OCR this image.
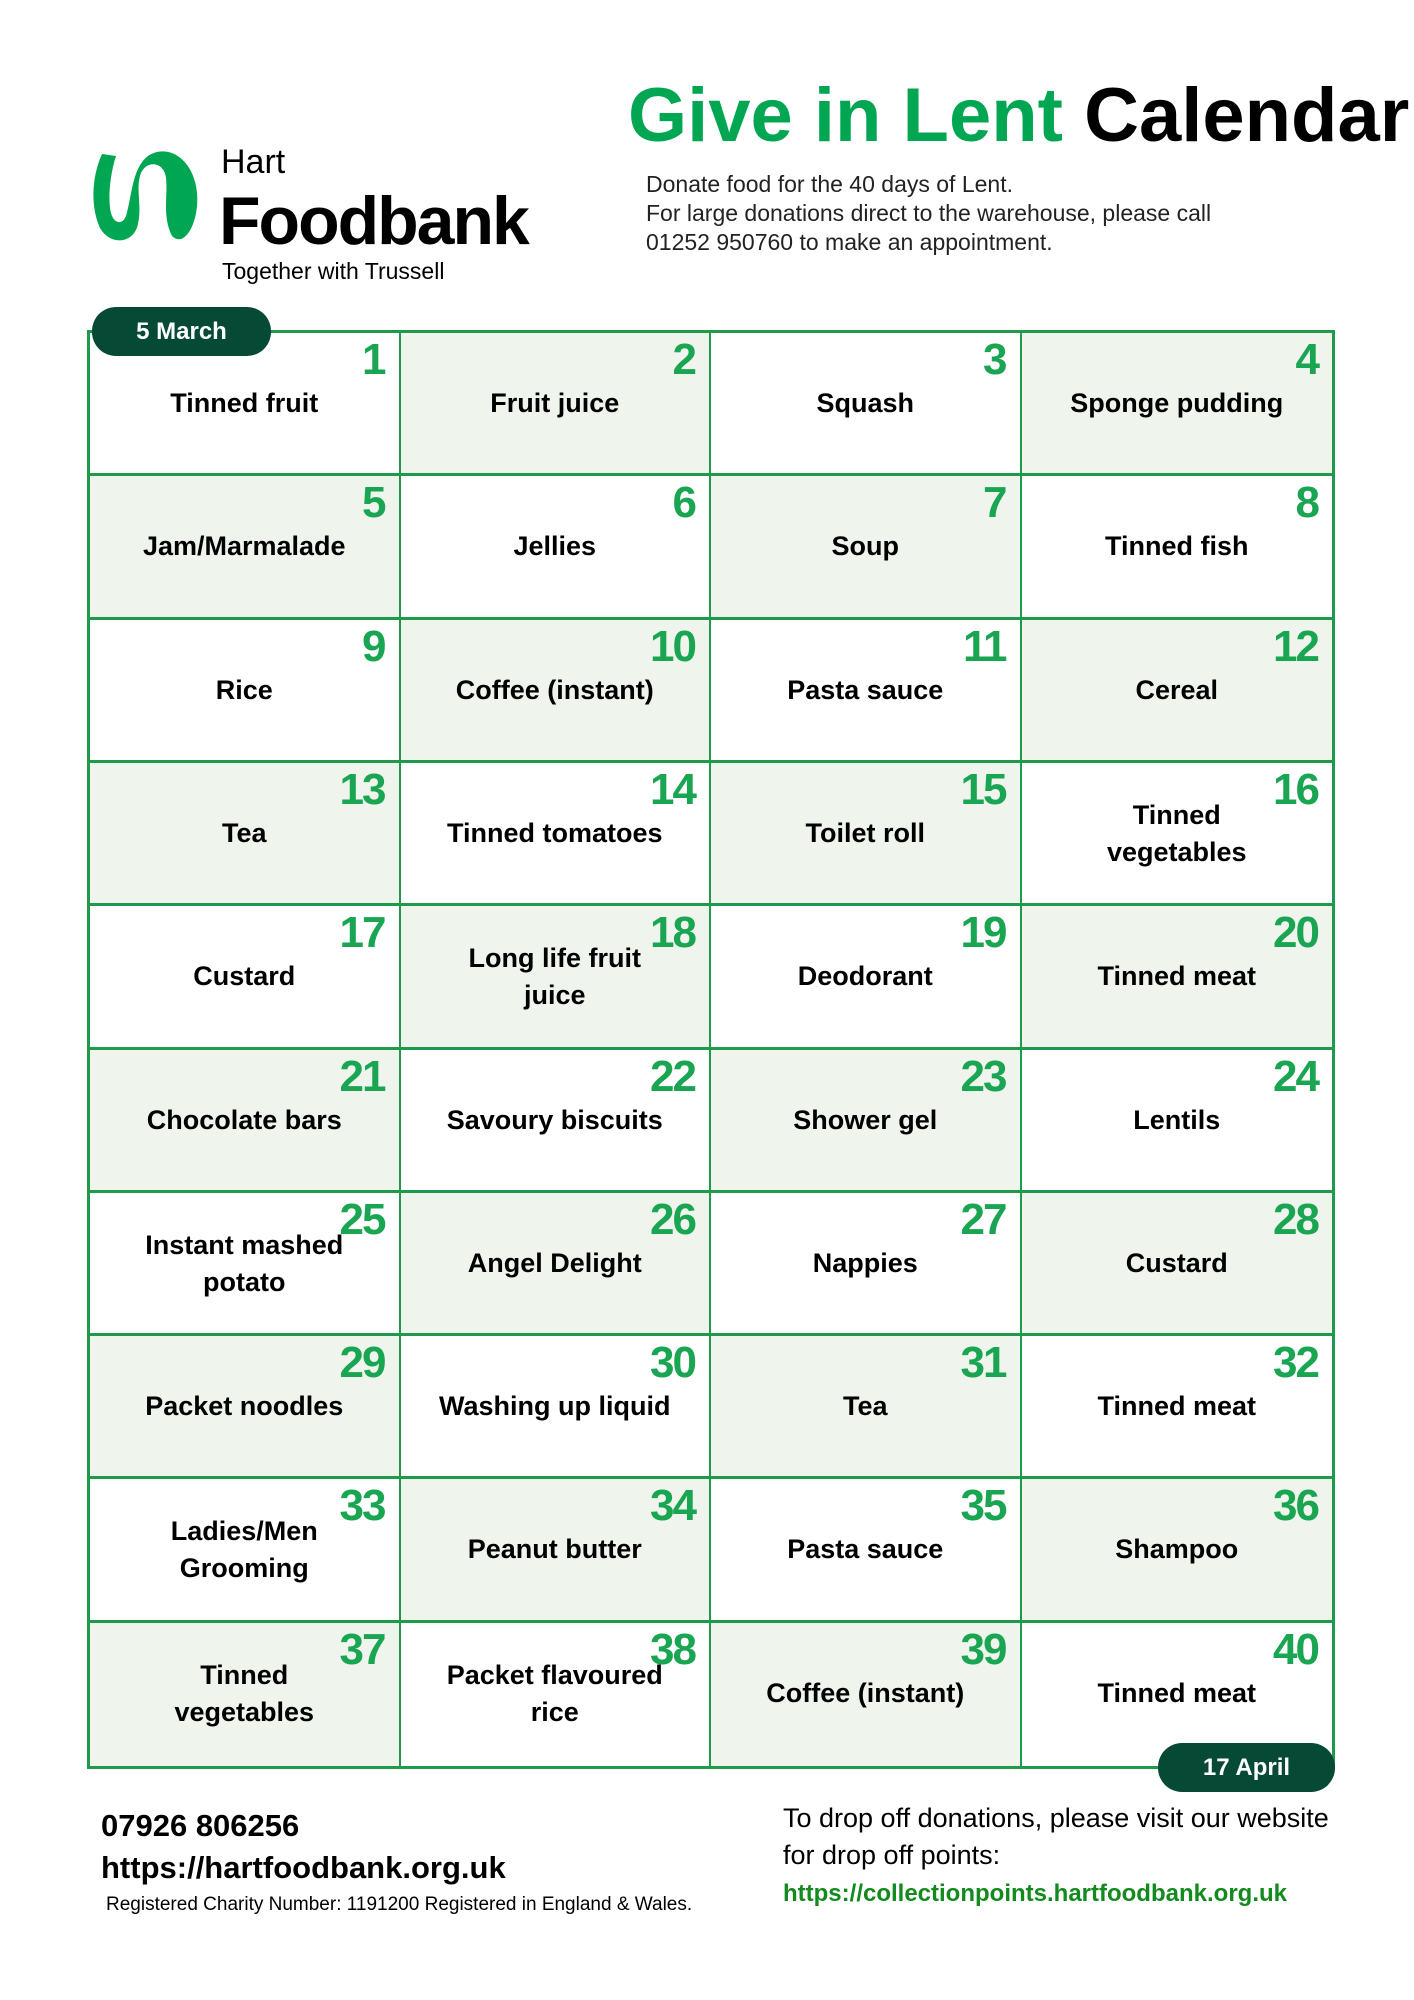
Give in Lent Calendar
Hart
Foodbank
Together with Trussell
Donate food for the 40 days of Lent.
For large donations direct to the warehouse, please call
01252 950760 to make an appointment.
1
Tinned fruit
2
Fruit juice
3
Squash
4
Sponge pudding
5
Jam/Marmalade
6
Jellies
7
Soup
8
Tinned fish
9
Rice
10
Coffee (instant)
11
Pasta sauce
12
Cereal
13
Tea
14
Tinned tomatoes
15
Toilet roll
16
Tinned
vegetables
17
Custard
18
Long life fruit
juice
19
Deodorant
20
Tinned meat
21
Chocolate bars
22
Savoury biscuits
23
Shower gel
24
Lentils
25
Instant mashed
potato
26
Angel Delight
27
Nappies
28
Custard
29
Packet noodles
30
Washing up liquid
31
Tea
32
Tinned meat
33
Ladies/Men
Grooming
34
Peanut butter
35
Pasta sauce
36
Shampoo
37
Tinned
vegetables
38
Packet flavoured
rice
39
Coffee (instant)
40
Tinned meat
5 March
17 April
07926 806256
https://hartfoodbank.org.uk
Registered Charity Number: 1191200 Registered in England & Wales.
To drop off donations, please visit our website for drop off points:
https://collectionpoints.hartfoodbank.org.uk
